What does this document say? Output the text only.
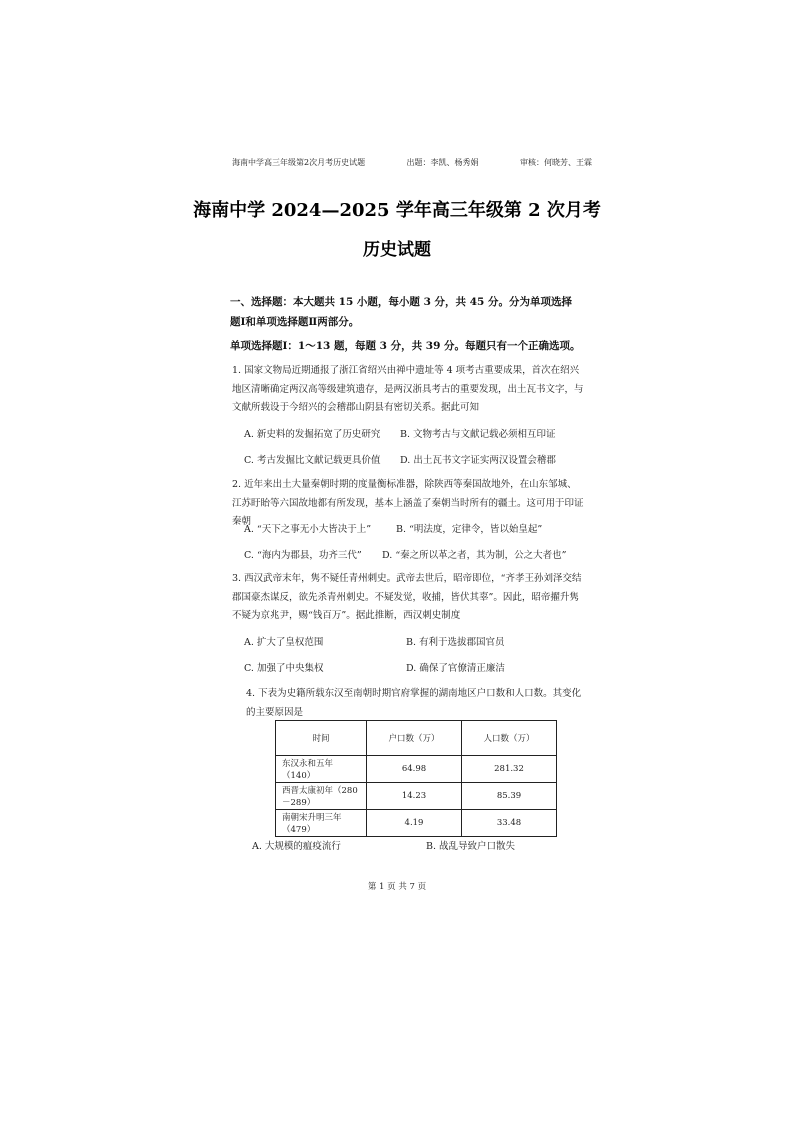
海南中学高三年级第2次月考历史试题	出题：李凯、杨秀娟	审核：何晓芳、王霖
海南中学 2024—2025 学年高三年级第 2 次月考
历史试题
一、选择题：本大题共 15 小题，每小题 3 分，共 45 分。分为单项选择题Ⅰ和单项选择题Ⅱ两部分。
单项选择题Ⅰ：1～13 题，每题 3 分，共 39 分。每题只有一个正确选项。
1. 国家文物局近期通报了浙江省绍兴由禅中遗址等 4 项考古重要成果，首次在绍兴地区清晰确定两汉高等级建筑遗存，是两汉浙具考古的重要发现，出土瓦书文字，与文献所载设于今绍兴的会稽郡山阴县有密切关系。据此可知
A. 新史料的发掘拓宽了历史研究 B. 文物考古与文献记载必须相互印证
C. 考古发掘比文献记载更具价值 D. 出土瓦书文字证实两汉设置会稽郡
2. 近年来出土大量秦朝时期的度量衡标准器，除陕西等秦国故地外，在山东邹城、江苏盱眙等六国故地都有所发现，基本上涵盖了秦朝当时所有的疆土。这可用于印证秦朝
A. “天下之事无小大皆决于上”	B. “明法度，定律令，皆以始皇起”
C. “海内为郡县，功齐三代” D. “秦之所以革之者，其为制，公之大者也”
3. 西汉武帝末年，隽不疑任青州刺史。武帝去世后，昭帝即位，“齐孝王孙刘泽交结郡国豪杰谋反，欲先杀青州刺史。不疑发觉，收捕，皆伏其辜”。因此，昭帝擢升隽不疑为京兆尹，赐“钱百万”。据此推断，西汉刺史制度
A. 扩大了皇权范围	B. 有利于选拔郡国官员
C. 加强了中央集权	D. 确保了官僚清正廉洁
4. 下表为史籍所载东汉至南朝时期官府掌握的湖南地区户口数和人口数。其变化的主要原因是
时间	户口数（万）	人口数（万）
东汉永和五年（140）	64.98	281.32
西晋太康初年（280－289）	14.23	85.39
南朝宋升明三年（479）	4.19	33.48
A. 大规模的瘟疫流行	B. 战乱导致户口散失
第 1 页 共 7 页
